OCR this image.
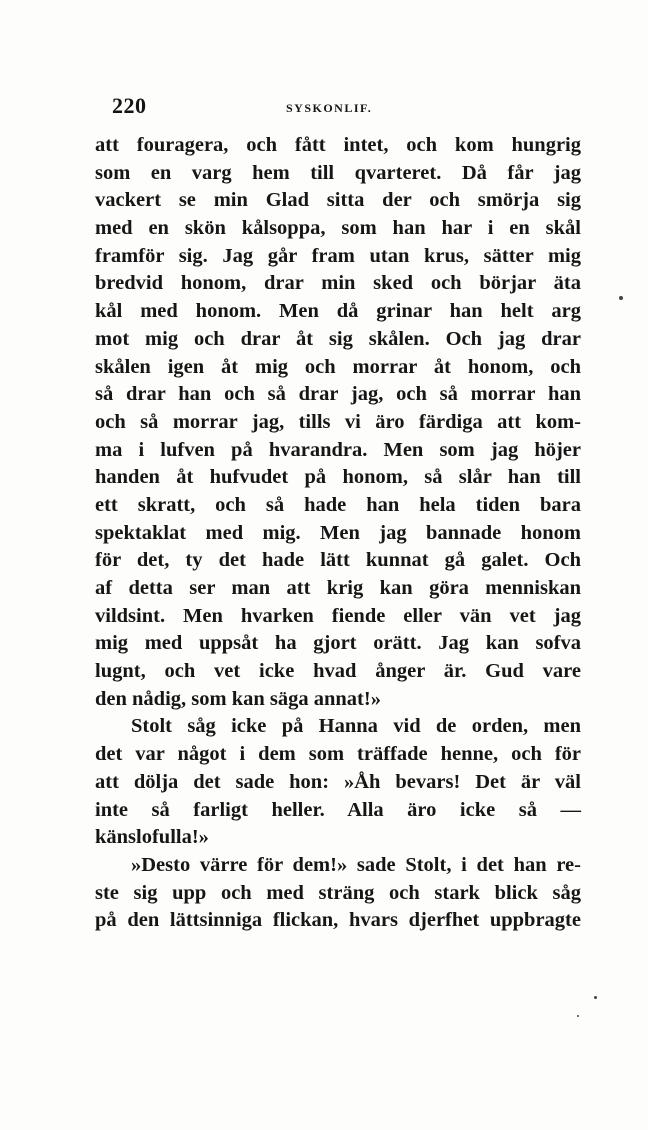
220	SYSKONLIF.
att fouragera, och fått intet, och kom hungrig
som en varg hem till qvarteret. Då får jag
vackert se min Glad sitta der och smörja sig
med en skön kålsoppa, som han har i en skål
framför sig. Jag går fram utan krus, sätter mig
bredvid honom, drar min sked och börjar äta
kål med honom. Men då grinar han helt arg
mot mig och drar åt sig skålen. Och jag drar
skålen igen åt mig och morrar åt honom, och
så drar han och så drar jag, och så morrar han
och så morrar jag, tills vi äro färdiga att kom-
ma i lufven på hvarandra. Men som jag höjer
handen åt hufvudet på honom, så slår han till
ett skratt, och så hade han hela tiden bara
spektaklat med mig. Men jag bannade honom
för det, ty det hade lätt kunnat gå galet. Och
af detta ser man att krig kan göra menniskan
vildsint. Men hvarken fiende eller vän vet jag
mig med uppsåt ha gjort orätt. Jag kan sofva
lugnt, och vet icke hvad ånger är. Gud vare
den nådig, som kan säga annat!»
Stolt såg icke på Hanna vid de orden, men
det var något i dem som träffade henne, och för
att dölja det sade hon: »Åh bevars! Det är väl
inte så farligt heller. Alla äro icke så —
känslofulla!»
»Desto värre för dem!» sade Stolt, i det han re-
ste sig upp och med sträng och stark blick såg
på den lättsinniga flickan, hvars djerfhet uppbragte
